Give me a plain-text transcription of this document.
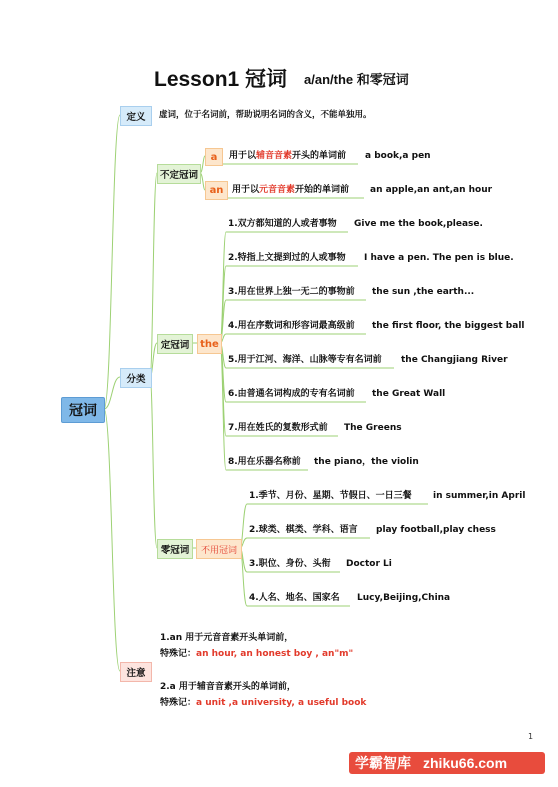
Lesson1 冠词 a/an/the 和零冠词
冠词
定义	虚词，位于名词前，帮助说明名词的含义，不能单独用。
分类
不定冠词
a	用于以辅音音素开头的单词前 a book,a pen
an 用于以元音音素开始的单词前 an apple,an ant,an hour
定冠词	the
1.双方都知道的人或者事物 Give me the book,please.
2.特指上文提到过的人或事物 I have a pen. The pen is blue.
3.用在世界上独一无二的事物前 the sun ,the earth...
4.用在序数词和形容词最高级前 the first floor, the biggest ball
5.用于江河、海洋、山脉等专有名词前 the Changjiang River
6.由普通名词构成的专有名词前 the Great Wall
7.用在姓氏的复数形式前 The Greens
8.用在乐器名称前 the piano，the violin
零冠词	不用冠词
1.季节、月份、星期、节假日、一日三餐 in summer,in April
2.球类、棋类、学科、语言 play football,play chess
3.职位、身份、头衔 Doctor Li
4.人名、地名、国家名 Lucy,Beijing,China
注意
1.an 用于元音音素开头单词前，
特殊记：an hour, an honest boy , an"m"
2.a 用于辅音音素开头的单词前，
特殊记：a unit ,a university, a useful book
1
学霸智库 zhiku66.com
